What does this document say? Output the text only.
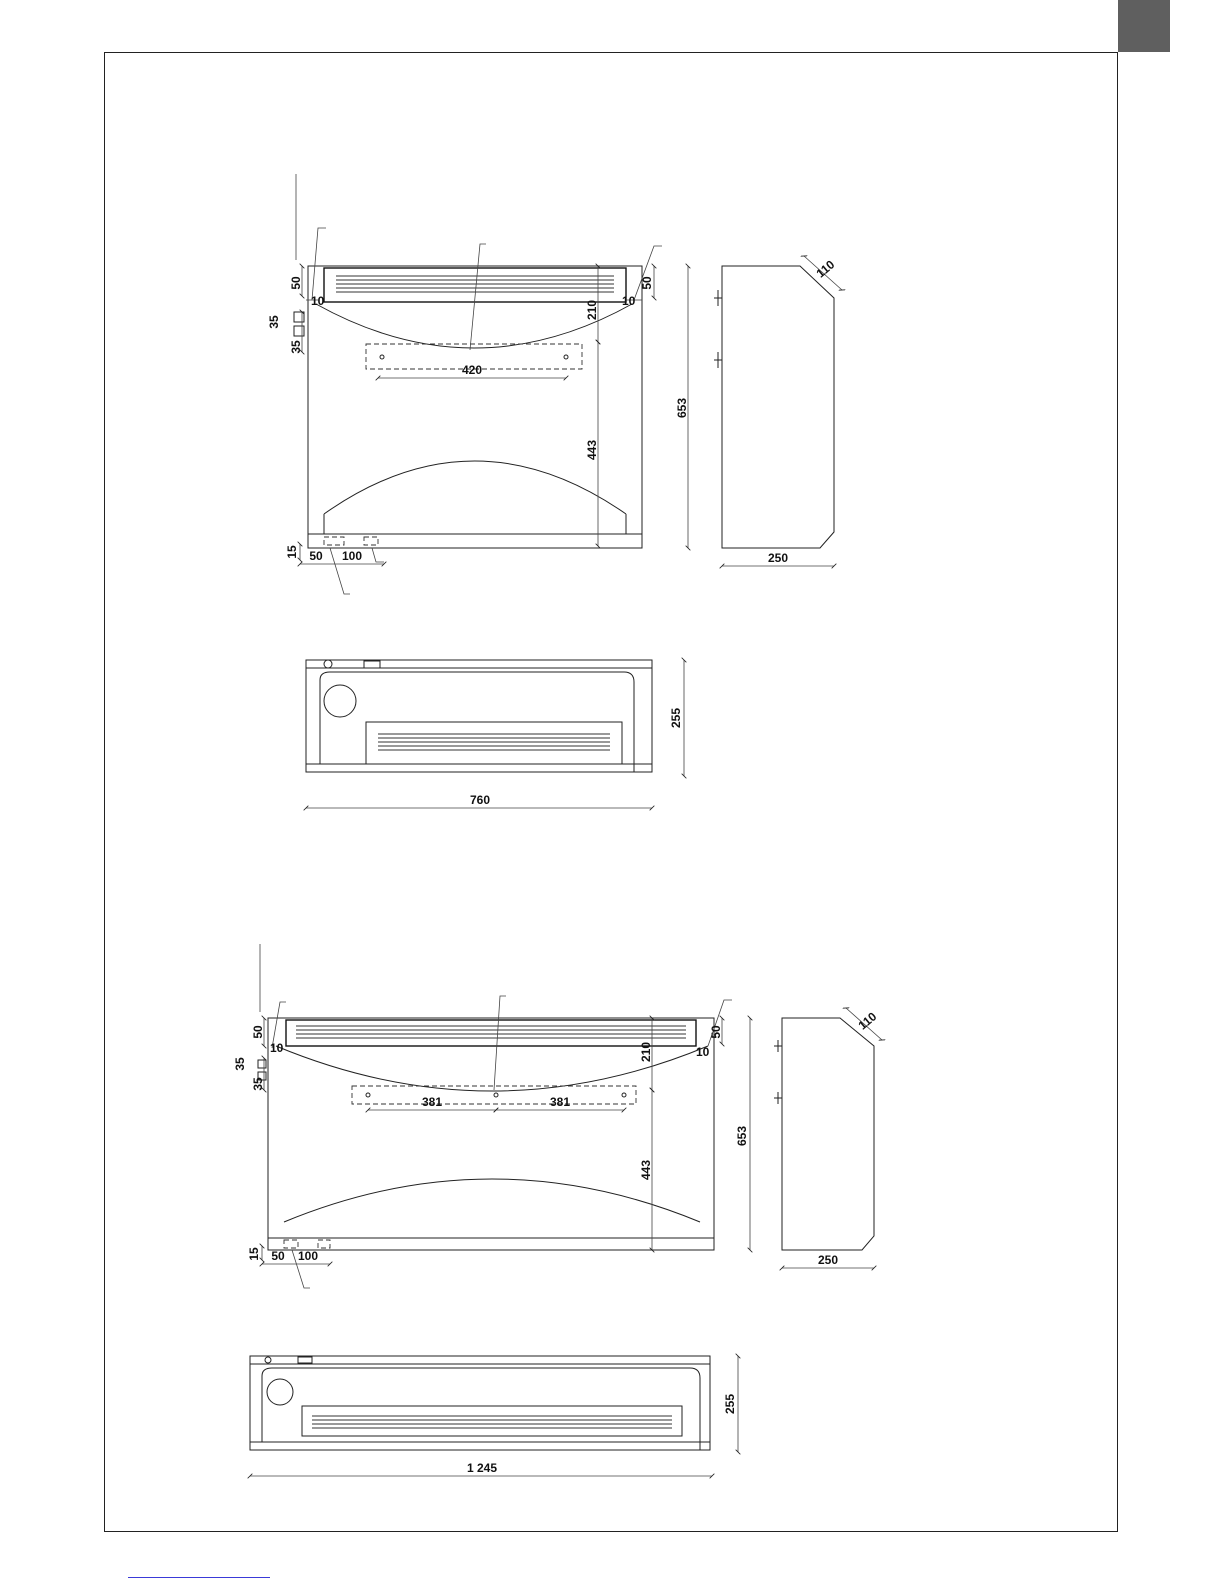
50
35
35
10	10
50
210
420
443
15 50 100
653
110
250
255
760
50
35
35
10	10
50
210
381	381
443
15 50 100
653
110
250
255
1 245
